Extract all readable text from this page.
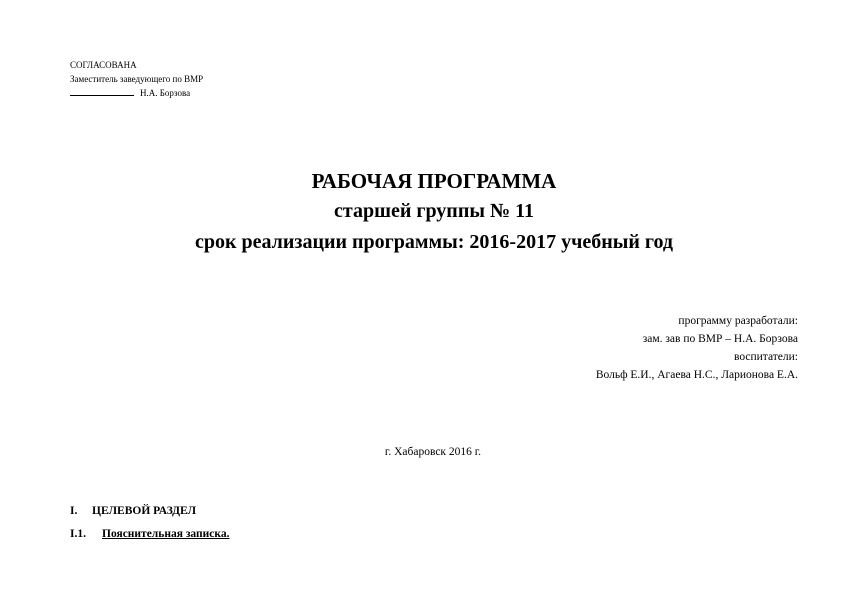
СОГЛАСОВАНА
Заместитель заведующего по ВМР
Н.А. Борзова
РАБОЧАЯ ПРОГРАММА
старшей группы № 11
срок реализации программы: 2016-2017 учебный год
программу разработали:
зам. зав по ВМР – Н.А. Борзова
воспитатели:
Вольф Е.И., Агаева Н.С., Ларионова Е.А.
г. Хабаровск 2016 г.
I. ЦЕЛЕВОЙ РАЗДЕЛ
I.1. Пояснительная записка.
